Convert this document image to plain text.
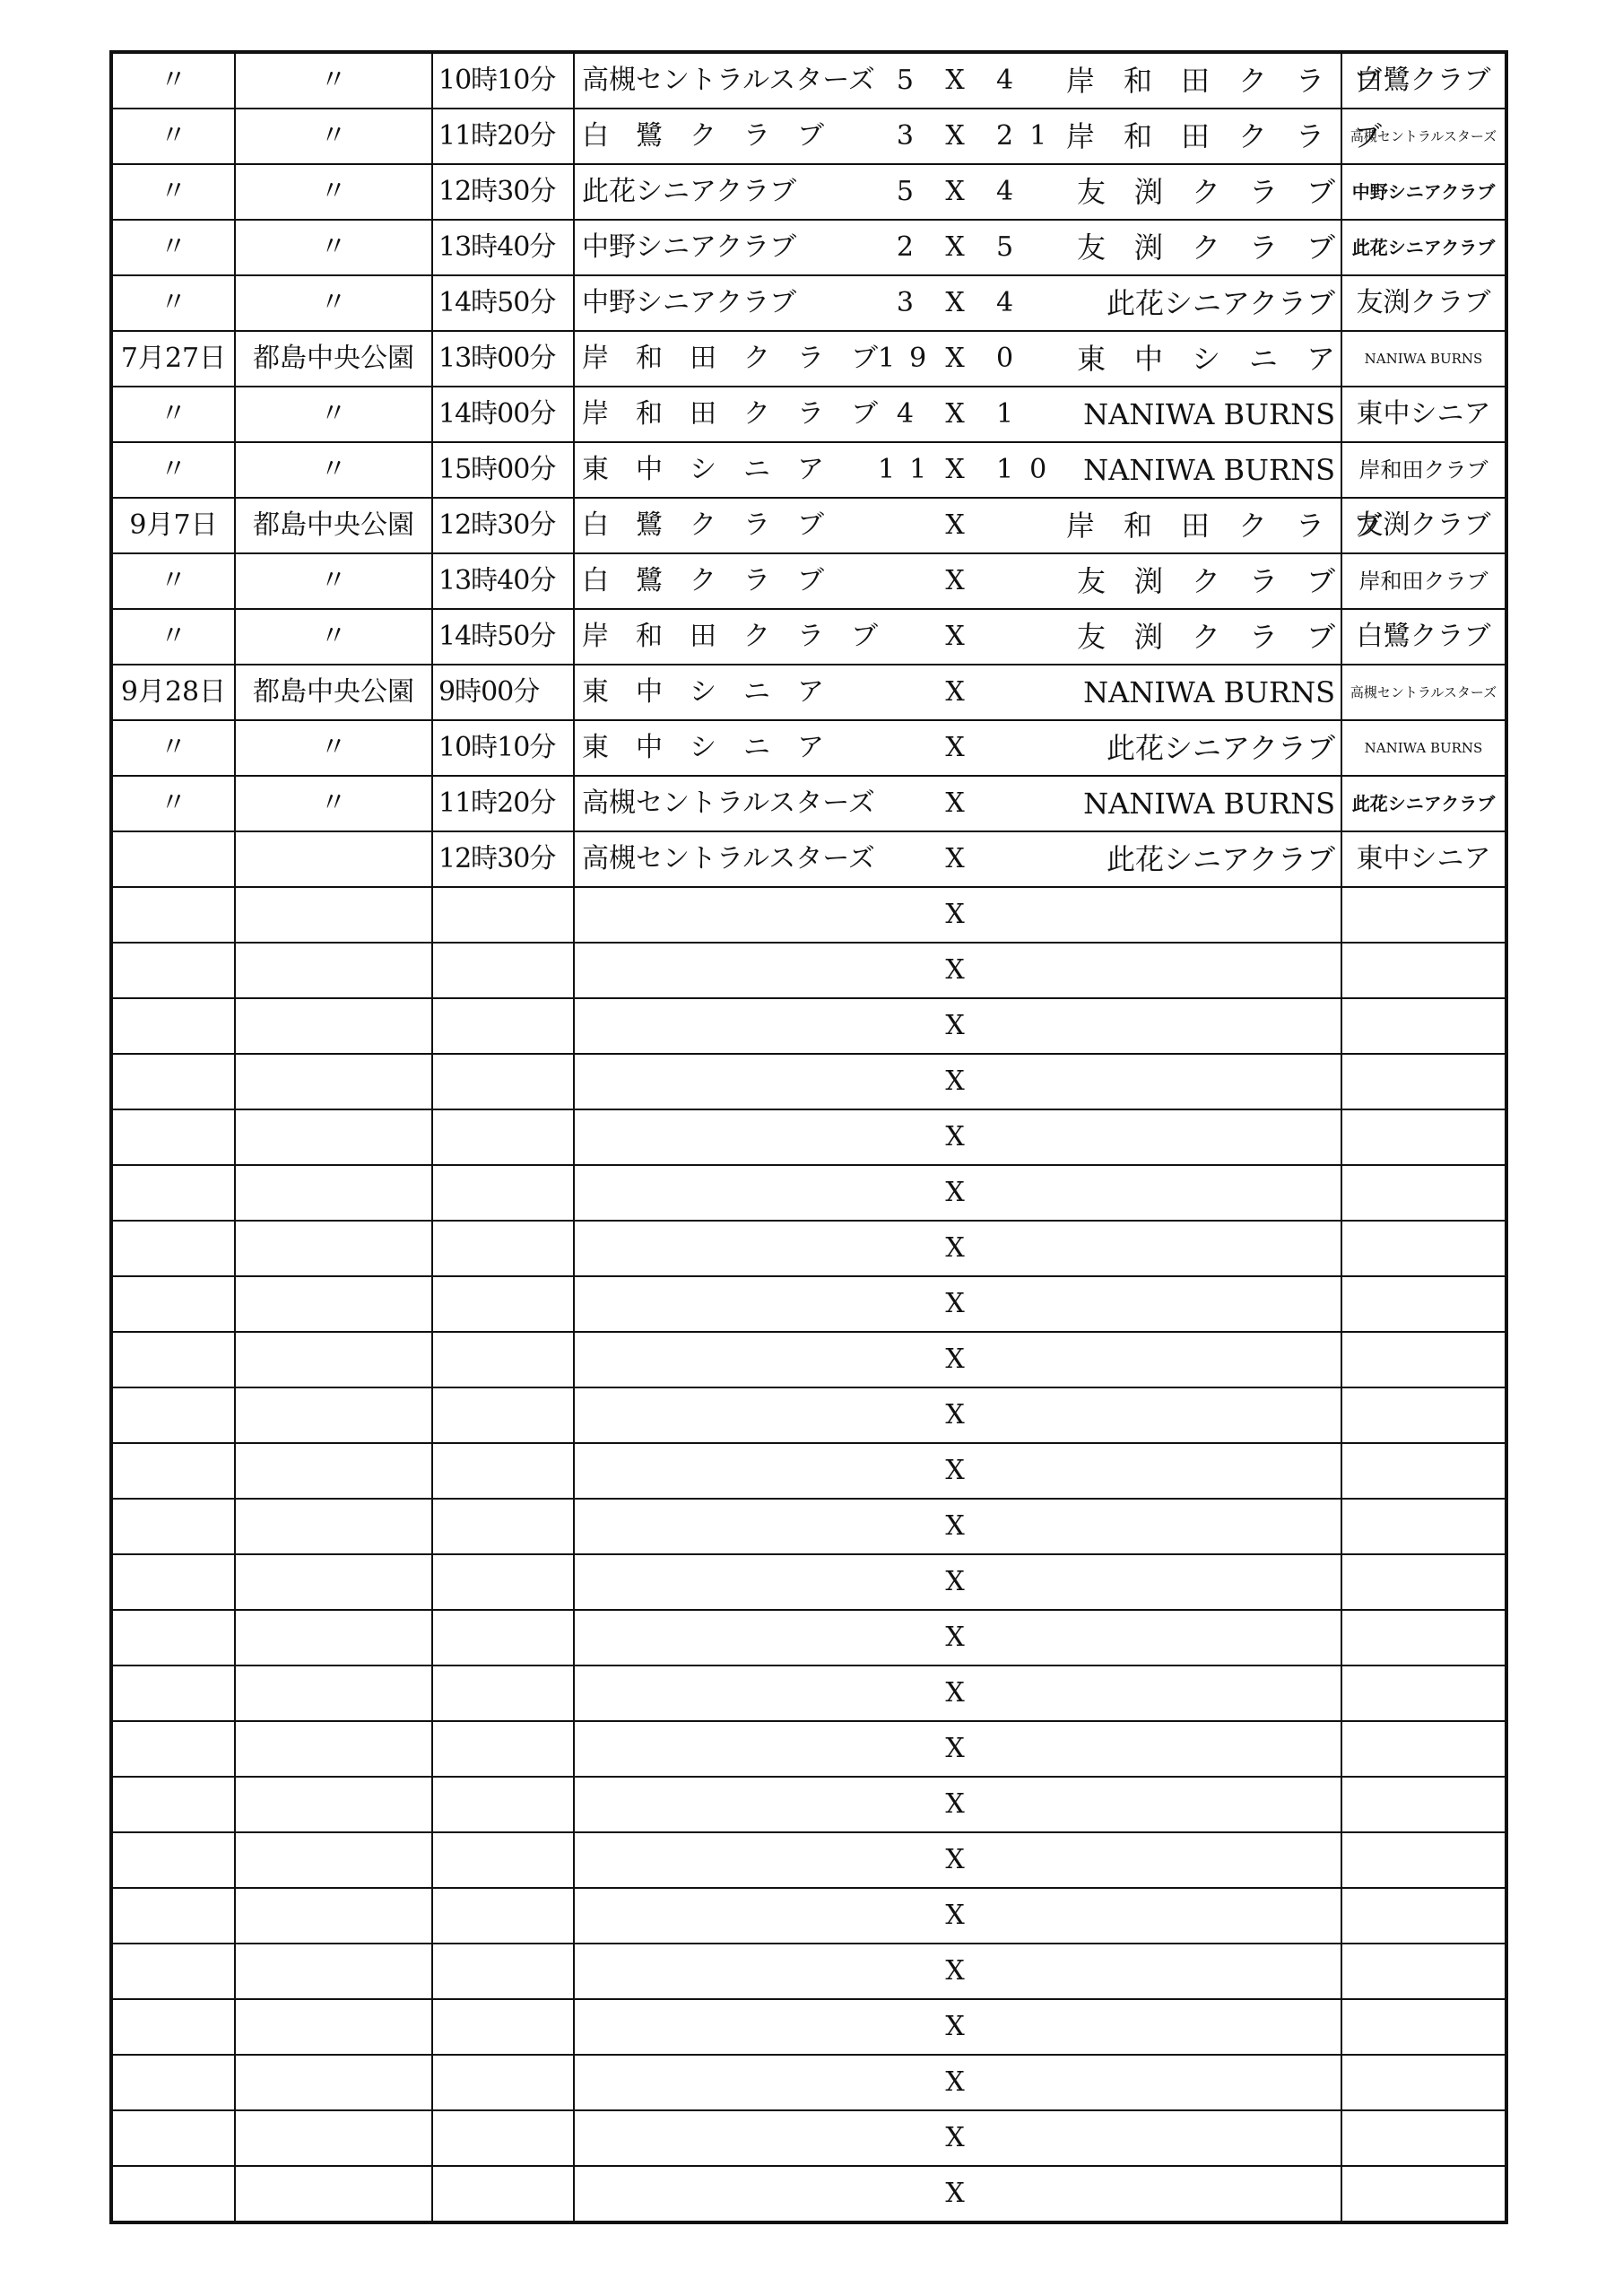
〃	〃	10時10分	高槻セントラルスターズ 5 X 4 岸　和　田　ク　ラ　ブ	白鷺クラブ
〃	〃	11時20分	白　鷺　ク　ラ　ブ 3 X 21 岸　和　田　ク　ラ　ブ	高槻セントラルスターズ
〃	〃	12時30分	此花シニアクラブ 5 X 4 友　渕　ク　ラ　ブ	中野シニアクラブ
〃	〃	13時40分	中野シニアクラブ 2 X 5 友　渕　ク　ラ　ブ	此花シニアクラブ
〃	〃	14時50分	中野シニアクラブ 3 X 4 此花シニアクラブ	友渕クラブ
7月27日	都島中央公園	13時00分	岸　和　田　ク　ラ　ブ 19 X 0 東　中　シ　ニ　ア	NANIWA BURNS
〃	〃	14時00分	岸　和　田　ク　ラ　ブ 4 X 1 NANIWA BURNS	東中シニア
〃	〃	15時00分	東　中　シ　ニ　ア 11 X 10 NANIWA BURNS	岸和田クラブ
9月7日	都島中央公園	12時30分	白　鷺　ク　ラ　ブ X 岸　和　田　ク　ラ　ブ	友渕クラブ
〃	〃	13時40分	白　鷺　ク　ラ　ブ X 友　渕　ク　ラ　ブ	岸和田クラブ
〃	〃	14時50分	岸　和　田　ク　ラ　ブ X 友　渕　ク　ラ　ブ	白鷺クラブ
9月28日	都島中央公園	9時00分	東　中　シ　ニ　ア X NANIWA BURNS	高槻セントラルスターズ
〃	〃	10時10分	東　中　シ　ニ　ア X 此花シニアクラブ	NANIWA BURNS
〃	〃	11時20分	高槻セントラルスターズ X NANIWA BURNS	此花シニアクラブ
		12時30分	高槻セントラルスターズ X 此花シニアクラブ	東中シニア

			X	

			X	

			X	

			X	

			X	

			X	

			X	

			X	

			X	

			X	

			X	

			X	

			X	

			X	

			X	

			X	

			X	

			X	

			X	

			X	

			X	

			X	

			X	

			X	
